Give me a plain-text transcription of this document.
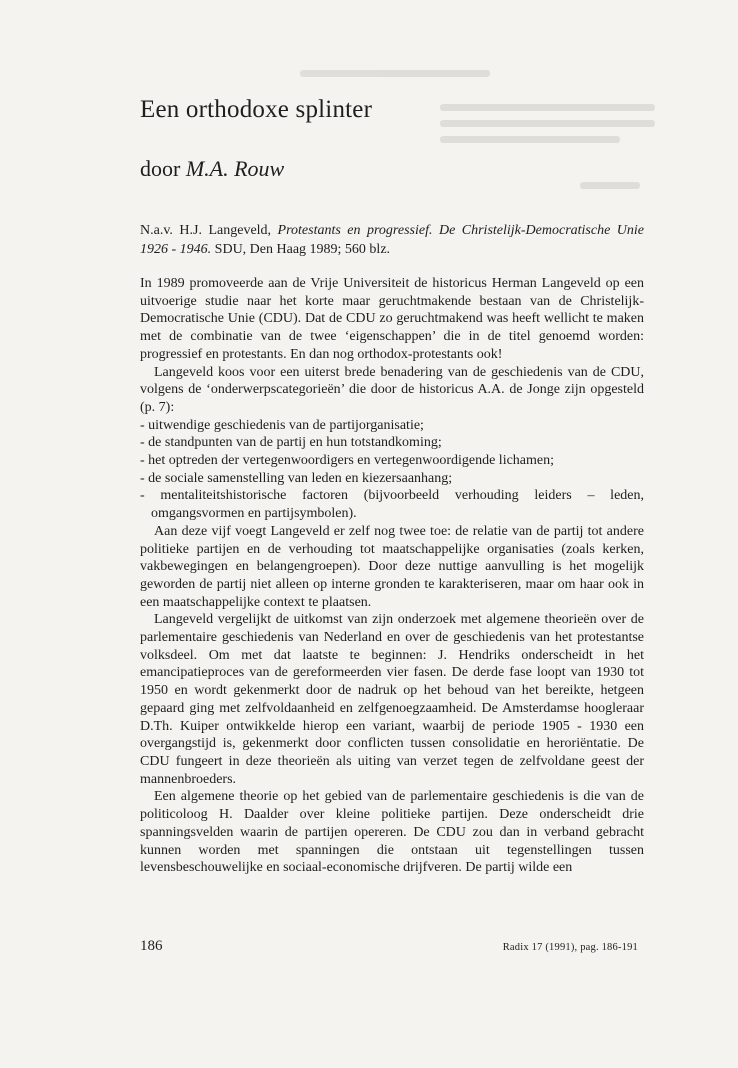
Een orthodoxe splinter

door M.A. Rouw

N.a.v. H.J. Langeveld, Protestants en progressief. De Christelijk-Democratische Unie 1926 - 1946. SDU, Den Haag 1989; 560 blz.

In 1989 promoveerde aan de Vrije Universiteit de historicus Herman Langeveld op een uitvoerige studie naar het korte maar geruchtmakende bestaan van de Christelijk-Democratische Unie (CDU). Dat de CDU zo geruchtmakend was heeft wellicht te maken met de combinatie van de twee ‘eigenschappen’ die in de titel genoemd worden: progressief en protestants. En dan nog orthodox-protestants ook!

Langeveld koos voor een uiterst brede benadering van de geschiedenis van de CDU, volgens de ‘onderwerpscategorieën’ die door de historicus A.A. de Jonge zijn opgesteld (p. 7):

- uitwendige geschiedenis van de partijorganisatie;
- de standpunten van de partij en hun totstandkoming;
- het optreden der vertegenwoordigers en vertegenwoordigende lichamen;
- de sociale samenstelling van leden en kiezersaanhang;
- mentaliteitshistorische factoren (bijvoorbeeld verhouding leiders – leden, omgangsvormen en partijsymbolen).

Aan deze vijf voegt Langeveld er zelf nog twee toe: de relatie van de partij tot andere politieke partijen en de verhouding tot maatschappelijke organisaties (zoals kerken, vakbewegingen en belangengroepen). Door deze nuttige aanvulling is het mogelijk geworden de partij niet alleen op interne gronden te karakteriseren, maar om haar ook in een maatschappelijke context te plaatsen.

Langeveld vergelijkt de uitkomst van zijn onderzoek met algemene theorieën over de parlementaire geschiedenis van Nederland en over de geschiedenis van het protestantse volksdeel. Om met dat laatste te beginnen: J. Hendriks onderscheidt in het emancipatieproces van de gereformeerden vier fasen. De derde fase loopt van 1930 tot 1950 en wordt gekenmerkt door de nadruk op het behoud van het bereikte, hetgeen gepaard ging met zelfvoldaanheid en zelfgenoegzaamheid. De Amsterdamse hoogleraar D.Th. Kuiper ontwikkelde hierop een variant, waarbij de periode 1905 - 1930 een overgangstijd is, gekenmerkt door conflicten tussen consolidatie en heroriëntatie. De CDU fungeert in deze theorieën als uiting van verzet tegen de zelfvoldane geest der mannenbroeders.

Een algemene theorie op het gebied van de parlementaire geschiedenis is die van de politicoloog H. Daalder over kleine politieke partijen. Deze onderscheidt drie spanningsvelden waarin de partijen opereren. De CDU zou dan in verband gebracht kunnen worden met spanningen die ontstaan uit tegenstellingen tussen levensbeschouwelijke en sociaal-economische drijfveren. De partij wilde een

186	Radix 17 (1991), pag. 186-191
